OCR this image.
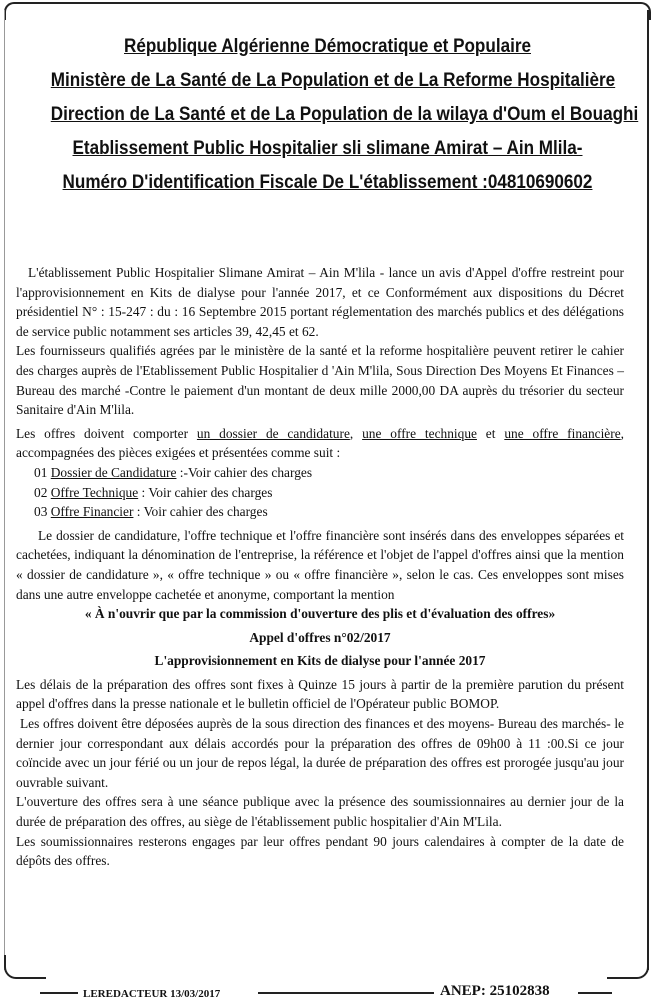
République Algérienne Démocratique et Populaire
Ministère de La Santé de La Population et de La Reforme Hospitalière
Direction de La Santé et de La Population de la wilaya d'Oum el Bouaghi
Etablissement Public Hospitalier sli slimane Amirat – Ain Mlila-
Numéro D'identification Fiscale De L'établissement :04810690602

L'établissement Public Hospitalier Slimane Amirat – Ain M'lila - lance un avis d'Appel d'offre restreint pour l'approvisionnement en Kits de dialyse pour l'année 2017, et ce Conformément aux dispositions du Décret présidentiel N° : 15-247 : du : 16 Septembre 2015 portant réglementation des marchés publics et des délégations de service public notamment ses articles 39, 42,45 et 62.

Les fournisseurs qualifiés agrées par le ministère de la santé et la reforme hospitalière peuvent retirer le cahier des charges auprès de l'Etablissement Public Hospitalier d 'Ain M'lila, Sous Direction Des Moyens Et Finances – Bureau des marché -Contre le paiement d'un montant de deux mille 2000,00 DA auprès du trésorier du secteur Sanitaire d'Ain M'lila.

Les offres doivent comporter un dossier de candidature, une offre technique et une offre financière, accompagnées des pièces exigées et présentées comme suit :

01 Dossier de Candidature :-Voir cahier des charges

02 Offre Technique : Voir cahier des charges

03 Offre Financier : Voir cahier des charges

Le dossier de candidature, l'offre technique et l'offre financière sont insérés dans des enveloppes séparées et cachetées, indiquant la dénomination de l'entreprise, la référence et l'objet de l'appel d'offres ainsi que la mention « dossier de candidature », « offre technique » ou « offre financière », selon le cas. Ces enveloppes sont mises dans une autre enveloppe cachetée et anonyme, comportant la mention

« À n'ouvrir que par la commission d'ouverture des plis et d'évaluation des offres»

Appel d'offres n°02/2017

L'approvisionnement en Kits de dialyse pour l'année 2017

Les délais de la préparation des offres sont fixes à Quinze 15 jours à partir de la première parution du présent appel d'offres dans la presse nationale et le bulletin officiel de l'Opérateur public BOMOP.

Les offres doivent être déposées auprès de la sous direction des finances et des moyens- Bureau des marchés- le dernier jour correspondant aux délais accordés pour la préparation des offres de 09h00 à 11 :00.Si ce jour coïncide avec un jour férié ou un jour de repos légal, la durée de préparation des offres est prorogée jusqu'au jour ouvrable suivant.

L'ouverture des offres sera à une séance publique avec la présence des soumissionnaires au dernier jour de la durée de préparation des offres, au siège de l'établissement public hospitalier d'Ain M'Lila.

Les soumissionnaires resterons engages par leur offres pendant 90 jours calendaires à compter de la date de dépôts des offres.

LEREDACTEUR 13/03/2017	ANEP: 25102838
